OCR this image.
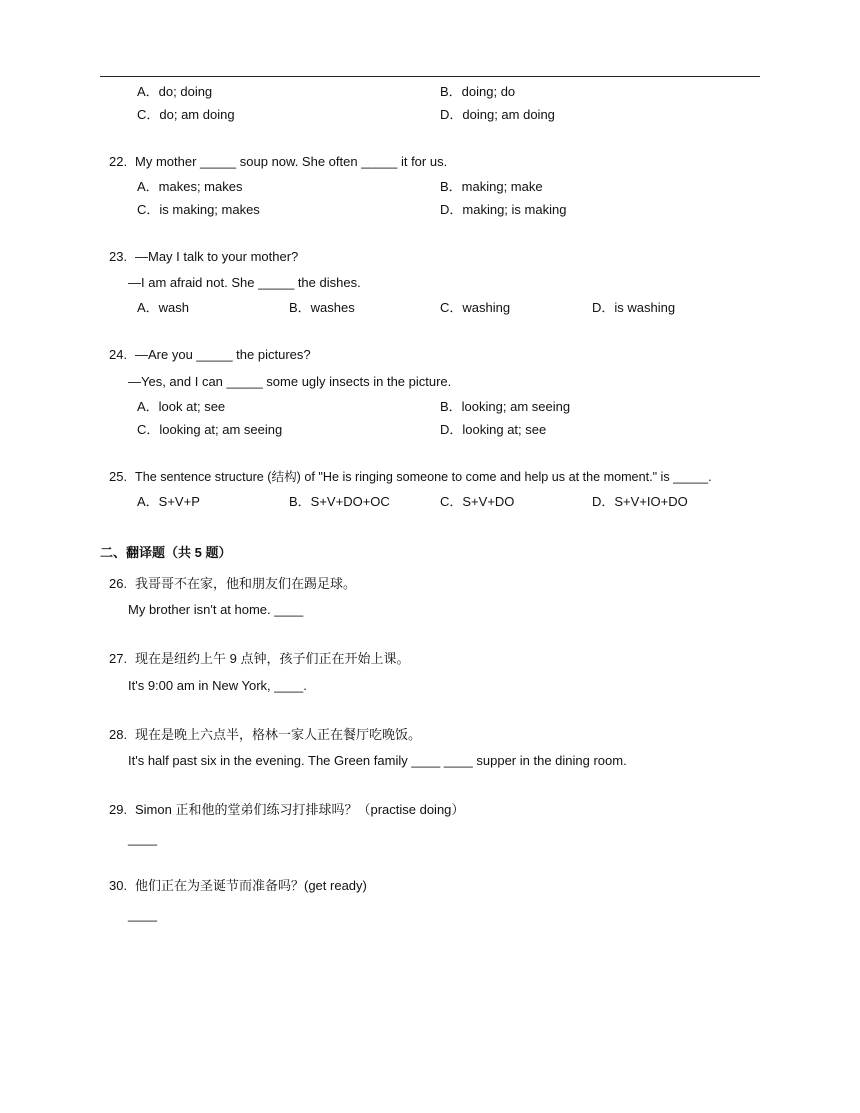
A．do; doing	B．doing; do
C．do; am doing	D．doing; am doing
22. My mother _____ soup now. She often _____ it for us.
A．makes; makes	B．making; make
C．is making; makes	D．making; is making
23. —May I talk to your mother?
—I am afraid not. She _____ the dishes.
A．wash	B．washes	C．washing	D．is washing
24. —Are you _____ the pictures?
—Yes, and I can _____ some ugly insects in the picture.
A．look at; see	B．looking; am seeing
C．looking at; am seeing	D．looking at; see
25. The sentence structure (结构) of "He is ringing someone to come and help us at the moment." is _____.
A．S+V+P	B．S+V+DO+OC	C．S+V+DO	D．S+V+IO+DO
二、翻译题（共 5 题）
26. 我哥哥不在家，他和朋友们在踢足球。
My brother isn't at home. ____
27. 现在是纽约上午 9 点钟，孩子们正在开始上课。
It's 9:00 am in New York, ____.
28. 现在是晚上六点半，格林一家人正在餐厅吃晚饭。
It's half past six in the evening. The Green family ____ ____ supper in the dining room.
29. Simon 正和他的堂弟们练习打排球吗？（practise doing）
____
30. 他们正在为圣诞节而准备吗？(get ready)
____
